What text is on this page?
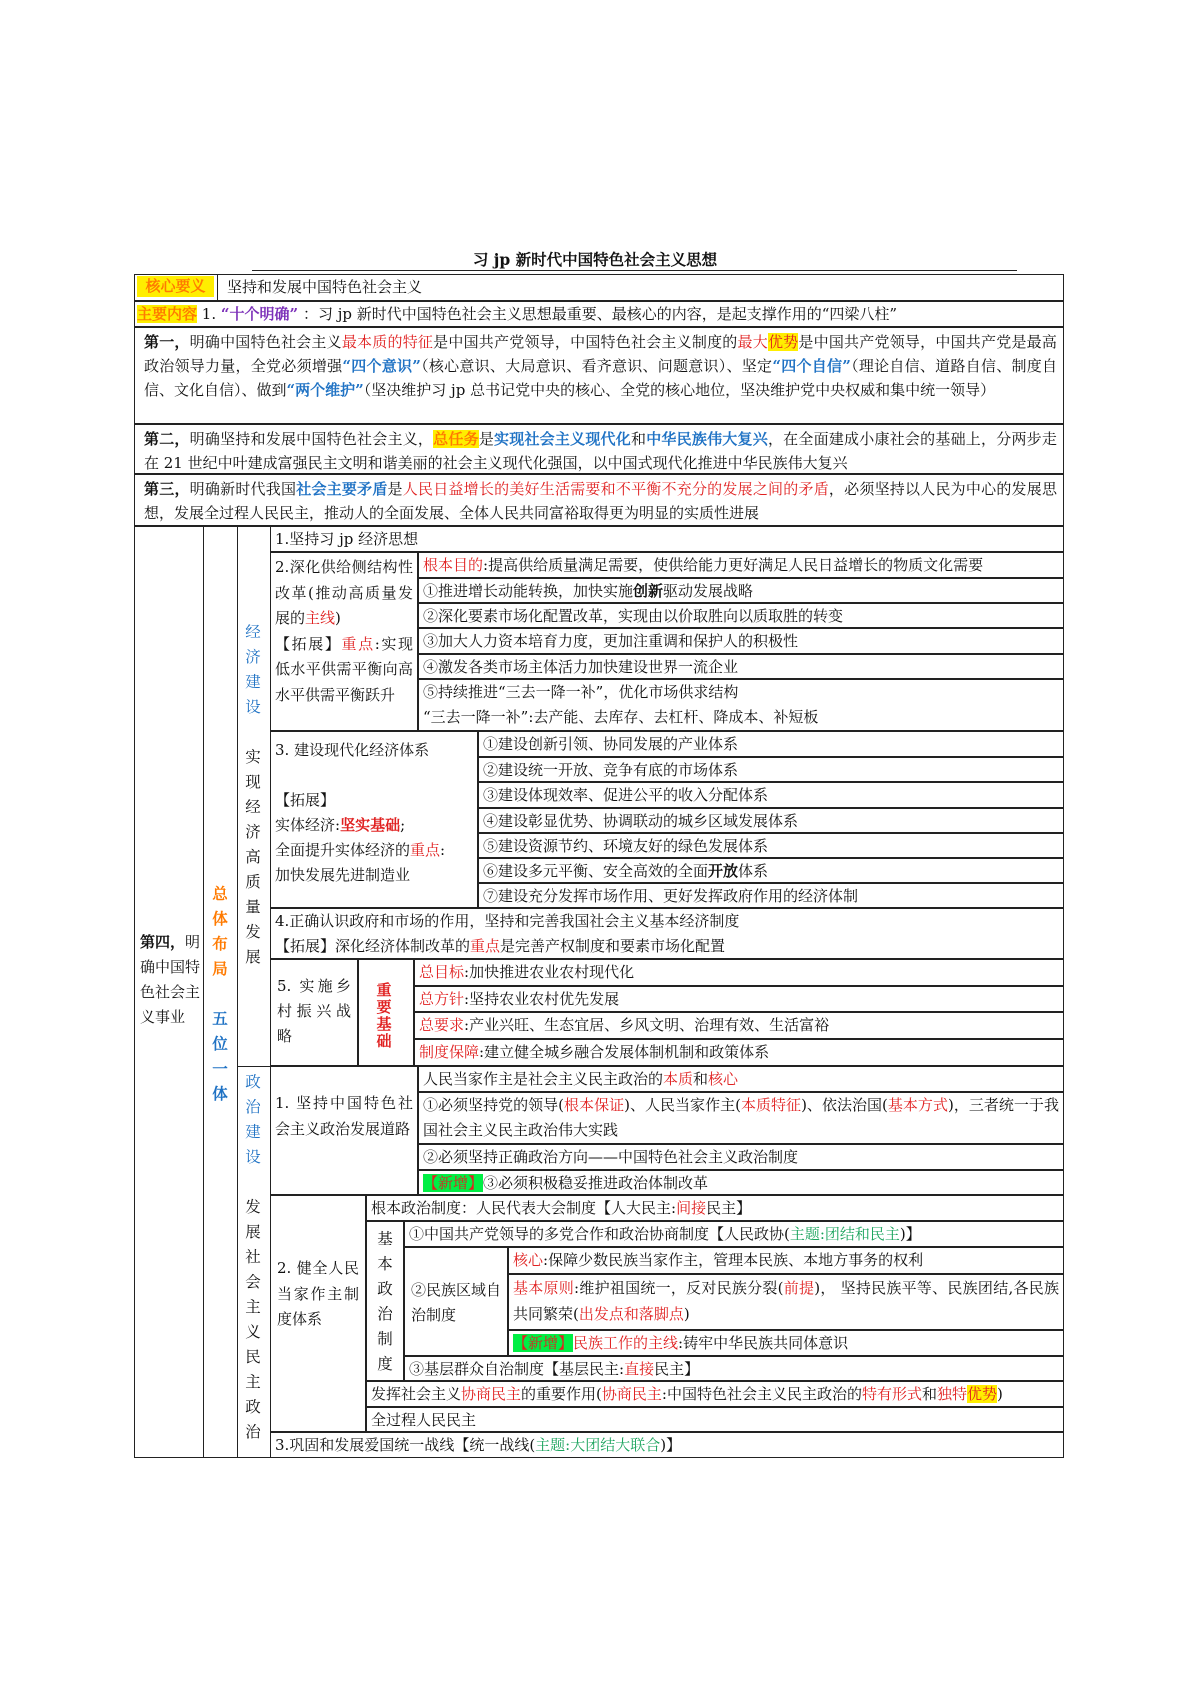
习 jp 新时代中国特色社会主义思想
核心要义	坚持和发展中国特色社会主义
主要内容 1. “十个明确” ：习 jp 新时代中国特色社会主义思想最重要、最核心的内容，是起支撑作用的“四梁八柱”
第一，明确中国特色社会主义最本质的特征是中国共产党领导，中国特色社会主义制度的最大优势是中国共产党领导，中国共产党是最高政治领导力量，全党必须增强“四个意识”（核心意识、大局意识、看齐意识、问题意识）、坚定“四个自信”（理论自信、道路自信、制度自信、文化自信）、做到“两个维护”（坚决维护习 jp 总书记党中央的核心、全党的核心地位，坚决维护党中央权威和集中统一领导）
第二，明确坚持和发展中国特色社会主义，总任务是实现社会主义现代化和中华民族伟大复兴，在全面建成小康社会的基础上，分两步走在 21 世纪中叶建成富强民主文明和谐美丽的社会主义现代化强国，以中国式现代化推进中华民族伟大复兴
第三，明确新时代我国社会主要矛盾是人民日益增长的美好生活需要和不平衡不充分的发展之间的矛盾，必须坚持以人民为中心的发展思想，发展全过程人民民主，推动人的全面发展、全体人民共同富裕取得更为明显的实质性进展
第四，明确中国特色社会主义事业
总体布局
五位一体
经济建设
实现经济高质量发展
1.坚持习 jp 经济思想
2.深化供给侧结构性改革(推动高质量发展的主线)
【拓展】重点:实现低水平供需平衡向高水平供需平衡跃升
根本目的:提高供给质量满足需要，使供给能力更好满足人民日益增长的物质文化需要
①推进增长动能转换，加快实施创新驱动发展战略
②深化要素市场化配置改革，实现由以价取胜向以质取胜的转变
③加大人力资本培育力度，更加注重调和保护人的积极性
④激发各类市场主体活力加快建设世界一流企业
⑤持续推进“三去一降一补”，优化市场供求结构
“三去一降一补”:去产能、去库存、去杠杆、降成本、补短板
3. 建设现代化经济体系
【拓展】
实体经济:坚实基础;
全面提升实体经济的重点:
加快发展先进制造业
①建设创新引领、协同发展的产业体系
②建设统一开放、竞争有底的市场体系
③建设体现效率、促进公平的收入分配体系
④建设彰显优势、协调联动的城乡区域发展体系
⑤建设资源节约、环境友好的绿色发展体系
⑥建设多元平衡、安全高效的全面开放体系
⑦建设充分发挥市场作用、更好发挥政府作用的经济体制
4.正确认识政府和市场的作用，坚持和完善我国社会主义基本经济制度
【拓展】深化经济体制改革的重点是完善产权制度和要素市场化配置
5. 实施乡村振兴战略
重要基础
总目标:加快推进农业农村现代化
总方针:坚持农业农村优先发展
总要求:产业兴旺、生态宜居、乡风文明、治理有效、生活富裕
制度保障:建立健全城乡融合发展体制机制和政策体系
政治建设
发展社会主义民主政治
1. 坚持中国特色社会主义政治发展道路
人民当家作主是社会主义民主政治的本质和核心
①必须坚持党的领导(根本保证)、人民当家作主(本质特征)、依法治国(基本方式)，三者统一于我国社会主义民主政治伟大实践
②必须坚持正确政治方向——中国特色社会主义政治制度
【新增】③必须积极稳妥推进政治体制改革
2. 健全人民当家作主制度体系
根本政治制度：人民代表大会制度【人大民主:间接民主】
基本政治制度
①中国共产党领导的多党合作和政治协商制度【人民政协(主题:团结和民主)】
②民族区域自治制度
核心:保障少数民族当家作主，管理本民族、本地方事务的权利
基本原则:维护祖国统一，反对民族分裂(前提)， 坚持民族平等、民族团结,各民族共同繁荣(出发点和落脚点)
【新增】民族工作的主线:铸牢中华民族共同体意识
③基层群众自治制度【基层民主:直接民主】
发挥社会主义协商民主的重要作用(协商民主:中国特色社会主义民主政治的特有形式和独特优势)
全过程人民民主
3.巩固和发展爱国统一战线【统一战线(主题:大团结大联合)】
